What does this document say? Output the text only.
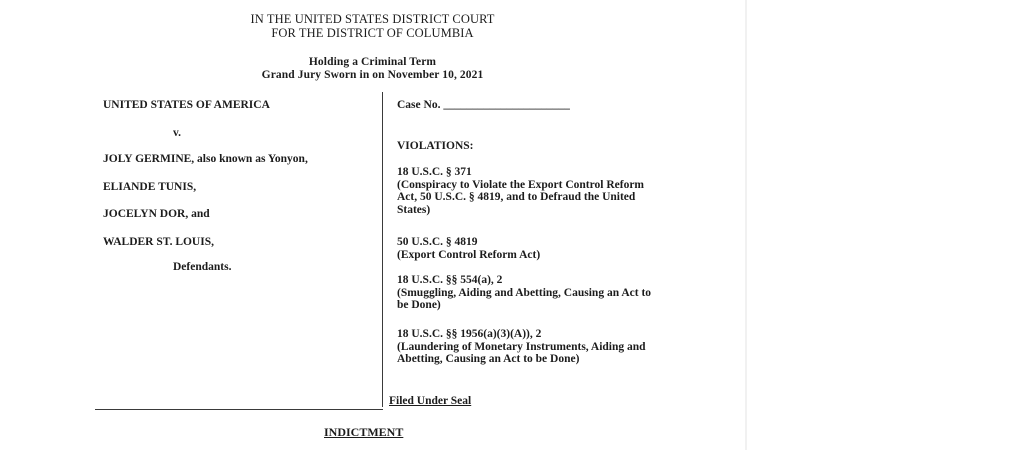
IN THE UNITED STATES DISTRICT COURT
FOR THE DISTRICT OF COLUMBIA
Holding a Criminal Term
Grand Jury Sworn in on November 10, 2021
UNITED STATES OF AMERICA
v.
JOLY GERMINE, also known as Yonyon,
ELIANDE TUNIS,
JOCELYN DOR, and
WALDER ST. LOUIS,
Defendants.
Case No. ______________________
VIOLATIONS:
18 U.S.C. § 371
(Conspiracy to Violate the Export Control Reform Act, 50 U.S.C. § 4819, and to Defraud the United States)
50 U.S.C. § 4819
(Export Control Reform Act)
18 U.S.C. §§ 554(a), 2
(Smuggling, Aiding and Abetting, Causing an Act to be Done)
18 U.S.C. §§ 1956(a)(3)(A)), 2
(Laundering of Monetary Instruments, Aiding and Abetting, Causing an Act to be Done)
Filed Under Seal
INDICTMENT
